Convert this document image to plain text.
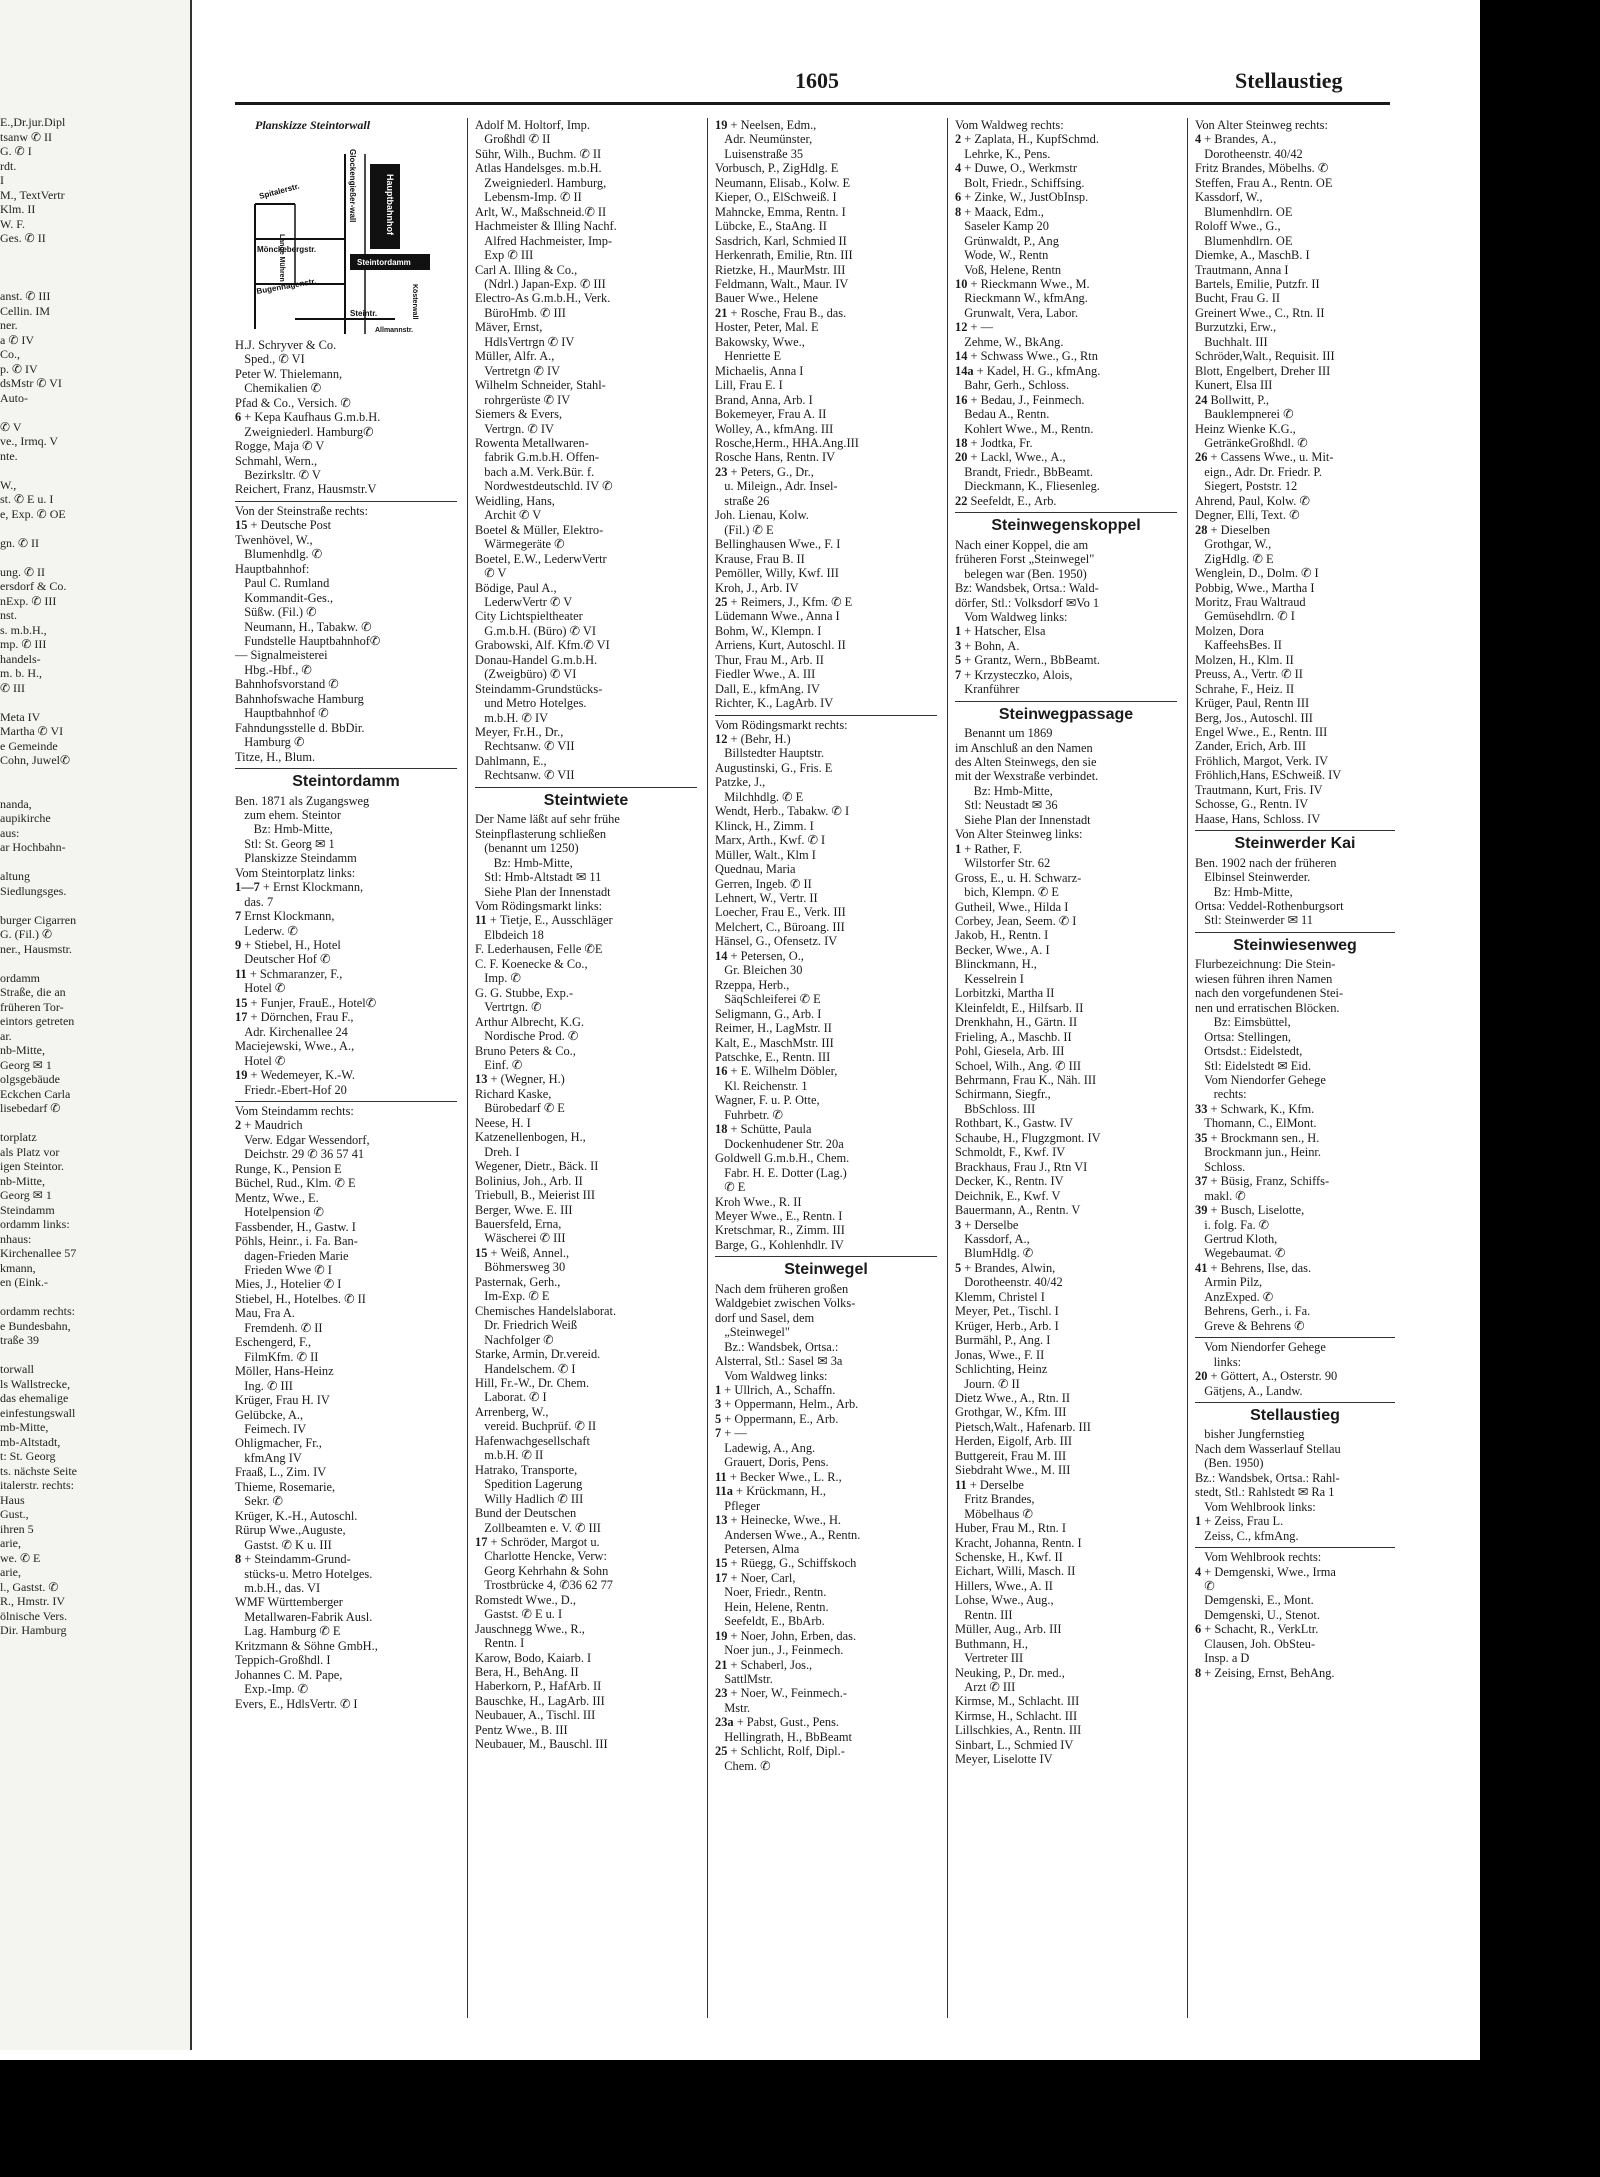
E.,Dr.jur.Dipl
tsanw ✆ II
G. ✆ I
rdt.
I
M., TextVertr
Klm. II
W. F.
Ges. ✆ II

anst. ✆ III
Cellin. IM
ner.
a ✆ IV
Co.,
p. ✆ IV
dsMstr ✆ VI
Auto-

✆ V
ve., Irmq. V
nte.

W.,
st. ✆ E u. I
e, Exp. ✆ OE

gn. ✆ II

ung. ✆ II
ersdorf & Co.
nExp. ✆ III
nst.
s. m.b.H.,
mp. ✆ III
handels-
m. b. H.,
✆ III

Meta IV
Martha ✆ VI
e Gemeinde
Cohn, Juwel✆

nanda,
aupikirche
aus:
ar Hochbahn-

altung
Siedlungsges.

burger Cigarren
G. (Fil.) ✆
ner., Hausmstr.

ordamm
Straße, die an
früheren Tor-
eintors getreten
ar.
nb-Mitte,
Georg ✉ 1
olgsgebäude
Eckchen Carla
lisebedarf ✆

torplatz
als Platz vor
igen Steintor.
nb-Mitte,
Georg ✉ 1
Steindamm
ordamm links:
nhaus:
Kirchenallee 57
kmann,
en (Eink.-

ordamm rechts:
e Bundesbahn,
traße 39

torwall
ls Wallstrecke,
das ehemalige
einfestungswall
mb-Mitte,
mb-Altstadt,
t: St. Georg
ts. nächste Seite
italerstr. rechts:
Haus
Gust.,
ihren 5
arie,
we. ✆ E
arie,
l., Gastst. ✆
R., Hmstr. IV
ölnische Vers.
Dir. Hamburg
1605	Stellaustieg
Planskizze Steintorwall
Glockengießer-wall
Spitalerstr.
Lange Mühren
Mönckebergstr.
Hauptbahnhof
Steintordamm
Bugenhagenstr.
Steintr.
Allmannstr.
Kösterwall
H.J. Schryver & Co.
Sped., ✆ VI
Peter W. Thielemann,
Chemikalien ✆
Pfad & Co., Versich. ✆
6 + Kepa Kaufhaus G.m.b.H.
Zweigniederl. Hamburg✆
Rogge, Maja ✆ V
Schmahl, Wern.,
Bezirksltr. ✆ V
Reichert, Franz, Hausmstr.V
Von der Steinstraße rechts:
15 + Deutsche Post
Twenhövel, W.,
Blumenhdlg. ✆
Hauptbahnhof:
Paul C. Rumland
Kommandit-Ges.,
Süßw. (Fil.) ✆
Neumann, H., Tabakw. ✆
Fundstelle Hauptbahnhof✆
— Signalmeisterei
Hbg.-Hbf., ✆
Bahnhofsvorstand ✆
Bahnhofswache Hamburg
Hauptbahnhof ✆
Fahndungsstelle d. BbDir.
Hamburg ✆
Titze, H., Blum.
Steintordamm
Ben. 1871 als Zugangsweg
zum ehem. Steintor
Bz: Hmb-Mitte,
Stl: St. Georg ✉ 1
Planskizze Steindamm
Vom Steintorplatz links:
1—7 + Ernst Klockmann,
das. 7
7 Ernst Klockmann,
Lederw. ✆
9 + Stiebel, H., Hotel
Deutscher Hof ✆
11 + Schmaranzer, F.,
Hotel ✆
15 + Funjer, FrauE., Hotel✆
17 + Dörnchen, Frau F.,
Adr. Kirchenallee 24
Maciejewski, Wwe., A.,
Hotel ✆
19 + Wedemeyer, K.-W.
Friedr.-Ebert-Hof 20
Vom Steindamm rechts:
2 + Maudrich
Verw. Edgar Wessendorf,
Deichstr. 29 ✆ 36 57 41
Runge, K., Pension E
Büchel, Rud., Klm. ✆ E
Mentz, Wwe., E.
Hotelpension ✆
Fassbender, H., Gastw. I
Pöhls, Heinr., i. Fa. Ban-
dagen-Frieden Marie
Frieden Wwe ✆ I
Mies, J., Hotelier ✆ I
Stiebel, H., Hotelbes. ✆ II
Mau, Fra A.
Fremdenh. ✆ II
Eschengerd, F.,
FilmKfm. ✆ II
Möller, Hans-Heinz
Ing. ✆ III
Krüger, Frau H. IV
Gelübcke, A.,
Feimech. IV
Ohligmacher, Fr.,
kfmAng IV
Fraaß, L., Zim. IV
Thieme, Rosemarie,
Sekr. ✆
Krüger, K.-H., Autoschl.
Rürup Wwe.,Auguste,
Gastst. ✆ K u. III
8 + Steindamm-Grund-
stücks-u. Metro Hotelges.
m.b.H., das. VI
WMF Württemberger
Metallwaren-Fabrik Ausl.
Lag. Hamburg ✆ E
Kritzmann & Söhne GmbH.,
Teppich-Großhdl. I
Johannes C. M. Pape,
Exp.-Imp. ✆
Evers, E., HdlsVertr. ✆ I
Adolf M. Holtorf, Imp.
Großhdl ✆ II
Sühr, Wilh., Buchm. ✆ II
Atlas Handelsges. m.b.H.
Zweigniederl. Hamburg,
Lebensm-Imp. ✆ II
Arlt, W., Maßschneid.✆ II
Hachmeister & Illing Nachf.
Alfred Hachmeister, Imp-
Exp ✆ III
Carl A. Illing & Co.,
(Ndrl.) Japan-Exp. ✆ III
Electro-As G.m.b.H., Verk.
BüroHmb. ✆ III
Mäver, Ernst,
HdlsVertrgn ✆ IV
Müller, Alfr. A.,
Vertretgn ✆ IV
Wilhelm Schneider, Stahl-
rohrgerüste ✆ IV
Siemers & Evers,
Vertrgn. ✆ IV
Rowenta Metallwaren-
fabrik G.m.b.H. Offen-
bach a.M. Verk.Bür. f.
Nordwestdeutschld. IV ✆
Weidling, Hans,
Archit ✆ V
Boetel & Müller, Elektro-
Wärmegeräte ✆
Boetel, E.W., LederwVertr
✆ V
Bödige, Paul A.,
LederwVertr ✆ V
City Lichtspieltheater
G.m.b.H. (Büro) ✆ VI
Grabowski, Alf. Kfm.✆ VI
Donau-Handel G.m.b.H.
(Zweigbüro) ✆ VI
Steindamm-Grundstücks-
und Metro Hotelges.
m.b.H. ✆ IV
Meyer, Fr.H., Dr.,
Rechtsanw. ✆ VII
Dahlmann, E.,
Rechtsanw. ✆ VII
Steintwiete
Der Name läßt auf sehr frühe
Steinpflasterung schließen
(benannt um 1250)
Bz: Hmb-Mitte,
Stl: Hmb-Altstadt ✉ 11
Siehe Plan der Innenstadt
Vom Rödingsmarkt links:
11 + Tietje, E., Ausschläger
Elbdeich 18
F. Lederhausen, Felle ✆E
C. F. Koenecke & Co.,
Imp. ✆
G. G. Stubbe, Exp.-
Vertrtgn. ✆
Arthur Albrecht, K.G.
Nordische Prod. ✆
Bruno Peters & Co.,
Einf. ✆
13 + (Wegner, H.)
Richard Kaske,
Bürobedarf ✆ E
Neese, H. I
Katzenellenbogen, H.,
Dreh. I
Wegener, Dietr., Bäck. II
Bolinius, Joh., Arb. II
Triebull, B., Meierist III
Berger, Wwe. E. III
Bauersfeld, Erna,
Wäscherei ✆ III
15 + Weiß, Annel.,
Böhmersweg 30
Pasternak, Gerh.,
Im-Exp. ✆ E
Chemisches Handelslaborat.
Dr. Friedrich Weiß
Nachfolger ✆
Starke, Armin, Dr.vereid.
Handelschem. ✆ I
Hill, Fr.-W., Dr. Chem.
Laborat. ✆ I
Arrenberg, W.,
vereid. Buchprüf. ✆ II
Hafenwachgesellschaft
m.b.H. ✆ II
Hatrako, Transporte,
Spedition Lagerung
Willy Hadlich ✆ III
Bund der Deutschen
Zollbeamten e. V. ✆ III
17 + Schröder, Margot u.
Charlotte Hencke, Verw:
Georg Kehrhahn & Sohn
Trostbrücke 4, ✆36 62 77
Romstedt Wwe., D.,
Gastst. ✆ E u. I
Jauschnegg Wwe., R.,
Rentn. I
Karow, Bodo, Kaiarb. I
Bera, H., BehAng. II
Haberkorn, P., HafArb. II
Bauschke, H., LagArb. III
Neubauer, A., Tischl. III
Pentz Wwe., B. III
Neubauer, M., Bauschl. III
19 + Neelsen, Edm.,
Adr. Neumünster,
Luisenstraße 35
Vorbusch, P., ZigHdlg. E
Neumann, Elisab., Kolw. E
Kieper, O., ElSchweiß. I
Mahncke, Emma, Rentn. I
Lübcke, E., StaAng. II
Sasdrich, Karl, Schmied II
Herkenrath, Emilie, Rtn. III
Rietzke, H., MaurMstr. III
Feldmann, Walt., Maur. IV
Bauer Wwe., Helene
21 + Rosche, Frau B., das.
Hoster, Peter, Mal. E
Bakowsky, Wwe.,
Henriette E
Michaelis, Anna I
Lill, Frau E. I
Brand, Anna, Arb. I
Bokemeyer, Frau A. II
Wolley, A., kfmAng. III
Rosche,Herm., HHA.Ang.III
Rosche Hans, Rentn. IV
23 + Peters, G., Dr.,
u. Mileign., Adr. Insel-
straße 26
Joh. Lienau, Kolw.
(Fil.) ✆ E
Bellinghausen Wwe., F. I
Krause, Frau B. II
Pemöller, Willy, Kwf. III
Kroh, J., Arb. IV
25 + Reimers, J., Kfm. ✆ E
Lüdemann Wwe., Anna I
Bohm, W., Klempn. I
Arriens, Kurt, Autoschl. II
Thur, Frau M., Arb. II
Fiedler Wwe., A. III
Dall, E., kfmAng. IV
Richter, K., LagArb. IV
Vom Rödingsmarkt rechts:
12 + (Behr, H.)
Billstedter Hauptstr.
Augustinski, G., Fris. E
Patzke, J.,
Milchhdlg. ✆ E
Wendt, Herb., Tabakw. ✆ I
Klinck, H., Zimm. I
Marx, Arth., Kwf. ✆ I
Müller, Walt., Klm I
Quednau, Maria
Gerren, Ingeb. ✆ II
Lehnert, W., Vertr. II
Loecher, Frau E., Verk. III
Melchert, C., Büroang. III
Hänsel, G., Ofensetz. IV
14 + Petersen, O.,
Gr. Bleichen 30
Rzeppa, Herb.,
SäqSchleiferei ✆ E
Seligmann, G., Arb. I
Reimer, H., LagMstr. II
Kalt, E., MaschMstr. III
Patschke, E., Rentn. III
16 + E. Wilhelm Döbler,
Kl. Reichenstr. 1
Wagner, F. u. P. Otte,
Fuhrbetr. ✆
18 + Schütte, Paula
Dockenhudener Str. 20a
Goldwell G.m.b.H., Chem.
Fabr. H. E. Dotter (Lag.)
✆ E
Kroh Wwe., R. II
Meyer Wwe., E., Rentn. I
Kretschmar, R., Zimm. III
Barge, G., Kohlenhdlr. IV
Steinwegel
Nach dem früheren großen
Waldgebiet zwischen Volks-
dorf und Sasel, dem
„Steinwegel"
Bz.: Wandsbek, Ortsa.:
Alsterral, Stl.: Sasel ✉ 3a
Vom Waldweg links:
1 + Ullrich, A., Schaffn.
3 + Oppermann, Helm., Arb.
5 + Oppermann, E., Arb.
7 + —
Ladewig, A., Ang.
Grauert, Doris, Pens.
11 + Becker Wwe., L. R.,
11a + Krückmann, H.,
Pfleger
13 + Heinecke, Wwe., H.
Andersen Wwe., A., Rentn.
Petersen, Alma
15 + Rüegg, G., Schiffskoch
17 + Noer, Carl,
Noer, Friedr., Rentn.
Hein, Helene, Rentn.
Seefeldt, E., BbArb.
19 + Noer, John, Erben, das.
Noer jun., J., Feinmech.
21 + Schaberl, Jos.,
SattlMstr.
23 + Noer, W., Feinmech.-
Mstr.
23a + Pabst, Gust., Pens.
Hellingrath, H., BbBeamt
25 + Schlicht, Rolf, Dipl.-
Chem. ✆
Vom Waldweg rechts:
2 + Zaplata, H., KupfSchmd.
Lehrke, K., Pens.
4 + Duwe, O., Werkmstr
Bolt, Friedr., Schiffsing.
6 + Zinke, W., JustObInsp.
8 + Maack, Edm.,
Saseler Kamp 20
Grünwaldt, P., Ang
Wode, W., Rentn
Voß, Helene, Rentn
10 + Rieckmann Wwe., M.
Rieckmann W., kfmAng.
Grunwalt, Vera, Labor.
12 + —
Zehme, W., BkAng.
14 + Schwass Wwe., G., Rtn
14a + Kadel, H. G., kfmAng.
Bahr, Gerh., Schloss.
16 + Bedau, J., Feinmech.
Bedau A., Rentn.
Kohlert Wwe., M., Rentn.
18 + Jodtka, Fr.
20 + Lackl, Wwe., A.,
Brandt, Friedr., BbBeamt.
Dieckmann, K., Fliesenleg.
22 Seefeldt, E., Arb.
Steinwegenskoppel
Nach einer Koppel, die am
früheren Forst „Steinwegel"
belegen war (Ben. 1950)
Bz: Wandsbek, Ortsa.: Wald-
dörfer, Stl.: Volksdorf ✉Vo 1
Vom Waldweg links:
1 + Hatscher, Elsa
3 + Bohn, A.
5 + Grantz, Wern., BbBeamt.
7 + Krzysteczko, Alois,
Kranführer
Steinwegpassage
Benannt um 1869
im Anschluß an den Namen
des Alten Steinwegs, den sie
mit der Wexstraße verbindet.
Bz: Hmb-Mitte,
Stl: Neustadt ✉ 36
Siehe Plan der Innenstadt
Von Alter Steinweg links:
1 + Rather, F.
Wilstorfer Str. 62
Gross, E., u. H. Schwarz-
bich, Klempn. ✆ E
Gutheil, Wwe., Hilda I
Corbey, Jean, Seem. ✆ I
Jakob, H., Rentn. I
Becker, Wwe., A. I
Blinckmann, H.,
Kesselrein I
Lorbitzki, Martha II
Kleinfeldt, E., Hilfsarb. II
Drenkhahn, H., Gärtn. II
Frieling, A., Maschb. II
Pohl, Giesela, Arb. III
Schoel, Wilh., Ang. ✆ III
Behrmann, Frau K., Näh. III
Schirmann, Siegfr.,
BbSchloss. III
Rothbart, K., Gastw. IV
Schaube, H., Flugzgmont. IV
Schmoldt, F., Kwf. IV
Brackhaus, Frau J., Rtn VI
Decker, K., Rentn. IV
Deichnik, E., Kwf. V
Bauermann, A., Rentn. V
3 + Derselbe
Kassdorf, A.,
BlumHdlg. ✆
5 + Brandes, Alwin,
Dorotheenstr. 40/42
Klemm, Christel I
Meyer, Pet., Tischl. I
Krüger, Herb., Arb. I
Burmähl, P., Ang. I
Jonas, Wwe., F. II
Schlichting, Heinz
Journ. ✆ II
Dietz Wwe., A., Rtn. II
Grothgar, W., Kfm. III
Pietsch,Walt., Hafenarb. III
Herden, Eigolf, Arb. III
Buttgereit, Frau M. III
Siebdraht Wwe., M. III
11 + Derselbe
Fritz Brandes,
Möbelhaus ✆
Huber, Frau M., Rtn. I
Kracht, Johanna, Rentn. I
Schenske, H., Kwf. II
Eichart, Willi, Masch. II
Hillers, Wwe., A. II
Lohse, Wwe., Aug.,
Rentn. III
Müller, Aug., Arb. III
Buthmann, H.,
Vertreter III
Neuking, P., Dr. med.,
Arzt ✆ III
Kirmse, M., Schlacht. III
Kirmse, H., Schlacht. III
Lillschkies, A., Rentn. III
Sinbart, L., Schmied IV
Meyer, Liselotte IV
Von Alter Steinweg rechts:
4 + Brandes, A.,
Dorotheenstr. 40/42
Fritz Brandes, Möbelhs. ✆
Steffen, Frau A., Rentn. OE
Kassdorf, W.,
Blumenhdlrn. OE
Roloff Wwe., G.,
Blumenhdlrn. OE
Diemke, A., MaschB. I
Trautmann, Anna I
Bartels, Emilie, Putzfr. II
Bucht, Frau G. II
Greinert Wwe., C., Rtn. II
Burzutzki, Erw.,
Buchhalt. III
Schröder,Walt., Requisit. III
Blott, Engelbert, Dreher III
Kunert, Elsa III
24 Bollwitt, P.,
Bauklempnerei ✆
Heinz Wienke K.G.,
GetränkeGroßhdl. ✆
26 + Cassens Wwe., u. Mit-
eign., Adr. Dr. Friedr. P.
Siegert, Poststr. 12
Ahrend, Paul, Kolw. ✆
Degner, Elli, Text. ✆
28 + Dieselben
Grothgar, W.,
ZigHdlg. ✆ E
Wenglein, D., Dolm. ✆ I
Pobbig, Wwe., Martha I
Moritz, Frau Waltraud
Gemüsehdlrn. ✆ I
Molzen, Dora
KaffeehsBes. II
Molzen, H., Klm. II
Preuss, A., Vertr. ✆ II
Schrahe, F., Heiz. II
Krüger, Paul, Rentn III
Berg, Jos., Autoschl. III
Engel Wwe., E., Rentn. III
Zander, Erich, Arb. III
Fröhlich, Margot, Verk. IV
Fröhlich,Hans, ESchweiß. IV
Trautmann, Kurt, Fris. IV
Schosse, G., Rentn. IV
Haase, Hans, Schloss. IV
Steinwerder Kai
Ben. 1902 nach der früheren
Elbinsel Steinwerder.
Bz: Hmb-Mitte,
Ortsa: Veddel-Rothenburgsort
Stl: Steinwerder ✉ 11
Steinwiesenweg
Flurbezeichnung: Die Stein-
wiesen führen ihren Namen
nach den vorgefundenen Stei-
nen und erratischen Blöcken.
Bz: Eimsbüttel,
Ortsa: Stellingen,
Ortsdst.: Eidelstedt,
Stl: Eidelstedt ✉ Eid.
Vom Niendorfer Gehege
rechts:
33 + Schwark, K., Kfm.
Thomann, C., ElMont.
35 + Brockmann sen., H.
Brockmann jun., Heinr.
Schloss.
37 + Büsig, Franz, Schiffs-
makl. ✆
39 + Busch, Liselotte,
i. folg. Fa. ✆
Gertrud Kloth,
Wegebaumat. ✆
41 + Behrens, Ilse, das.
Armin Pilz,
AnzExped. ✆
Behrens, Gerh., i. Fa.
Greve & Behrens ✆
Vom Niendorfer Gehege
links:
20 + Göttert, A., Osterstr. 90
Gätjens, A., Landw.
Stellaustieg
bisher Jungfernstieg
Nach dem Wasserlauf Stellau
(Ben. 1950)
Bz.: Wandsbek, Ortsa.: Rahl-
stedt, Stl.: Rahlstedt ✉ Ra 1
Vom Wehlbrook links:
1 + Zeiss, Frau L.
Zeiss, C., kfmAng.
Vom Wehlbrook rechts:
4 + Demgenski, Wwe., Irma
✆
Demgenski, E., Mont.
Demgenski, U., Stenot.
6 + Schacht, R., VerkLtr.
Clausen, Joh. ObSteu-
Insp. a D
8 + Zeising, Ernst, BehAng.
